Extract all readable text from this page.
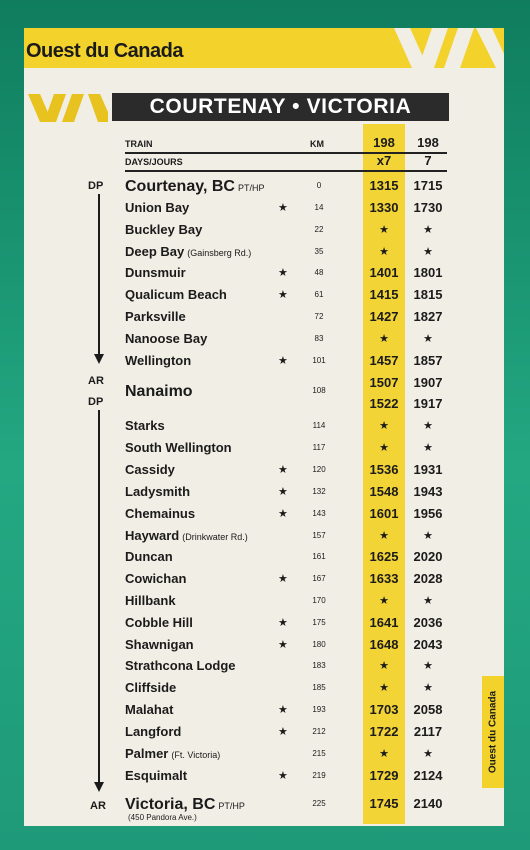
Ouest du Canada
COURTENAY • VICTORIA
TRAIN	KM	198	198
DAYS/JOURS	x7	7
DP
AR
DP
AR
Courtenay, BC PT/HP	0	1315	1715
Union Bay	★	14	1330	1730
Buckley Bay	22	★	★
Deep Bay (Gainsberg Rd.)	35	★	★
Dunsmuir	★	48	1401	1801
Qualicum Beach	★	61	1415	1815
Parksville	72	1427	1827
Nanoose Bay	83	★	★
Wellington	★	101	1457	1857
Nanaimo	108
1507	1907
1522	1917
Starks	114	★	★
South Wellington	117	★	★
Cassidy	★	120	1536	1931
Ladysmith	★	132	1548	1943
Chemainus	★	143	1601	1956
Hayward (Drinkwater Rd.)	157	★	★
Duncan	161	1625	2020
Cowichan	★	167	1633	2028
Hillbank	170	★	★
Cobble Hill	★	175	1641	2036
Shawnigan	★	180	1648	2043
Strathcona Lodge	183	★	★
Cliffside	185	★	★
Malahat	★	193	1703	2058
Langford	★	212	1722	2117
Palmer (Ft. Victoria)	215	★	★
Esquimalt	★	219	1729	2124
Victoria, BC PT/HP
(450 Pandora Ave.)
225	1745	2140
Ouest du Canada
